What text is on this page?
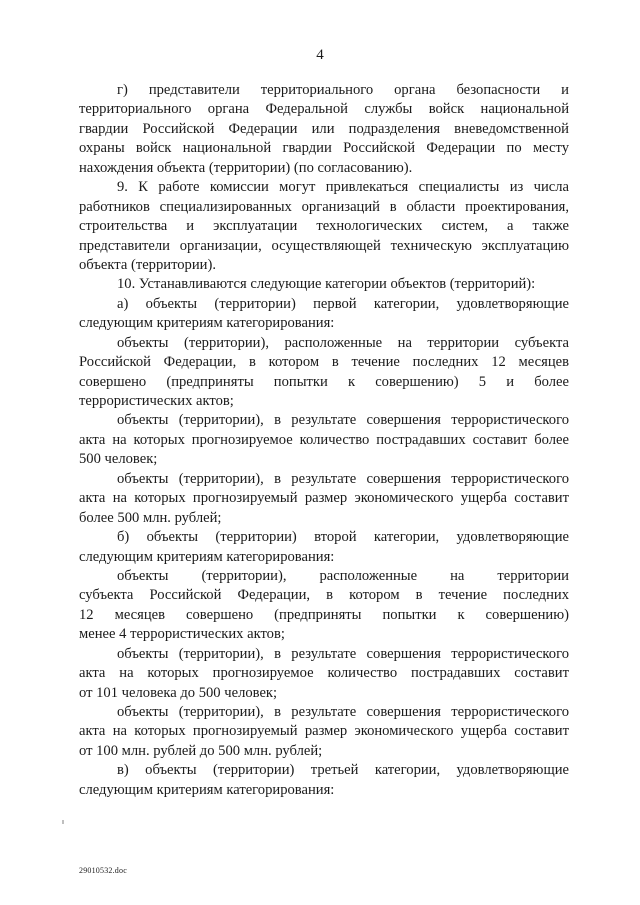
4

г) представители территориального органа безопасности и
территориального органа Федеральной службы войск национальной
гвардии Российской Федерации или подразделения вневедомственной
охраны войск национальной гвардии Российской Федерации по месту
нахождения объекта (территории) (по согласованию).

9. К работе комиссии могут привлекаться специалисты из числа
работников специализированных организаций в области проектирования,
строительства и эксплуатации технологических систем, а также
представители организации, осуществляющей техническую эксплуатацию
объекта (территории).

10. Устанавливаются следующие категории объектов (территорий):

а) объекты (территории) первой категории, удовлетворяющие
следующим критериям категорирования:

объекты (территории), расположенные на территории субъекта
Российской Федерации, в котором в течение последних 12 месяцев
совершено (предприняты попытки к совершению) 5 и более
террористических актов;

объекты (территории), в результате совершения террористического
акта на которых прогнозируемое количество пострадавших составит более
500 человек;

объекты (территории), в результате совершения террористического
акта на которых прогнозируемый размер экономического ущерба составит
более 500 млн. рублей;

б) объекты (территории) второй категории, удовлетворяющие
следующим критериям категорирования:

объекты (территории), расположенные на территории
субъекта Российской Федерации, в котором в течение последних
12 месяцев совершено (предприняты попытки к совершению)
менее 4 террористических актов;

объекты (территории), в результате совершения террористического
акта на которых прогнозируемое количество пострадавших составит
от 101 человека до 500 человек;

объекты (территории), в результате совершения террористического
акта на которых прогнозируемый размер экономического ущерба составит
от 100 млн. рублей до 500 млн. рублей;

в) объекты (территории) третьей категории, удовлетворяющие
следующим критериям категорирования:

29010532.doc
